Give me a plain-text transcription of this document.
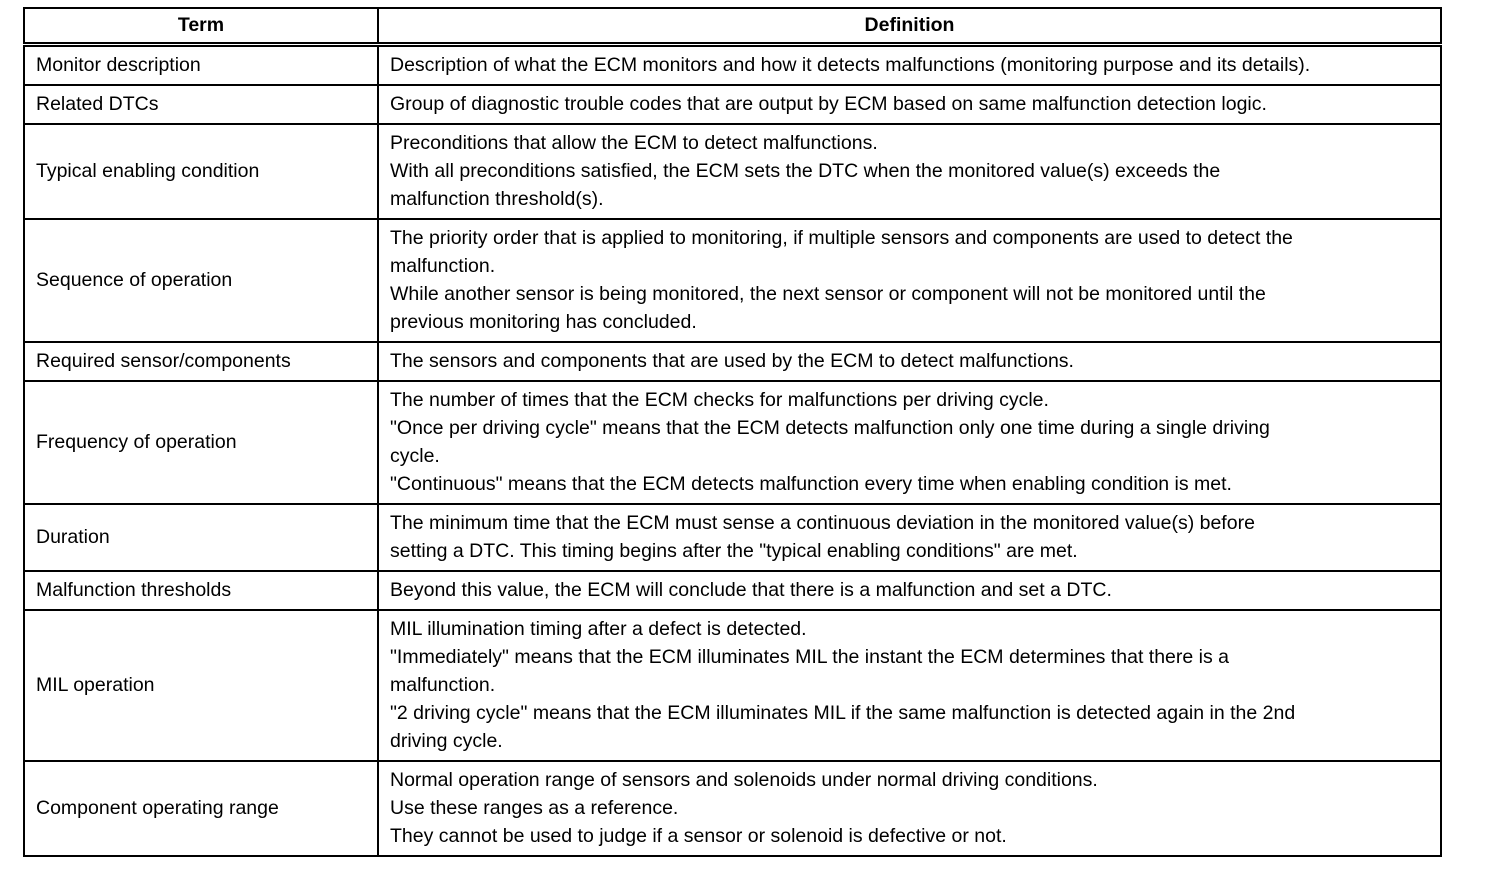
Term	Definition
Monitor description	Description of what the ECM monitors and how it detects malfunctions (monitoring purpose and its details).

Related DTCs	Group of diagnostic trouble codes that are output by ECM based on same malfunction detection logic.

Typical enabling condition	Preconditions that allow the ECM to detect malfunctions.
With all preconditions satisfied, the ECM sets the DTC when the monitored value(s) exceeds the
malfunction threshold(s).

Sequence of operation	The priority order that is applied to monitoring, if multiple sensors and components are used to detect the
malfunction.
While another sensor is being monitored, the next sensor or component will not be monitored until the
previous monitoring has concluded.

Required sensor/components	The sensors and components that are used by the ECM to detect malfunctions.

Frequency of operation	The number of times that the ECM checks for malfunctions per driving cycle.
"Once per driving cycle" means that the ECM detects malfunction only one time during a single driving
cycle.
"Continuous" means that the ECM detects malfunction every time when enabling condition is met.

Duration	The minimum time that the ECM must sense a continuous deviation in the monitored value(s) before
setting a DTC. This timing begins after the "typical enabling conditions" are met.

Malfunction thresholds	Beyond this value, the ECM will conclude that there is a malfunction and set a DTC.

MIL operation	MIL illumination timing after a defect is detected.
"Immediately" means that the ECM illuminates MIL the instant the ECM determines that there is a
malfunction.
"2 driving cycle" means that the ECM illuminates MIL if the same malfunction is detected again in the 2nd
driving cycle.

Component operating range	Normal operation range of sensors and solenoids under normal driving conditions.
Use these ranges as a reference.
They cannot be used to judge if a sensor or solenoid is defective or not.
